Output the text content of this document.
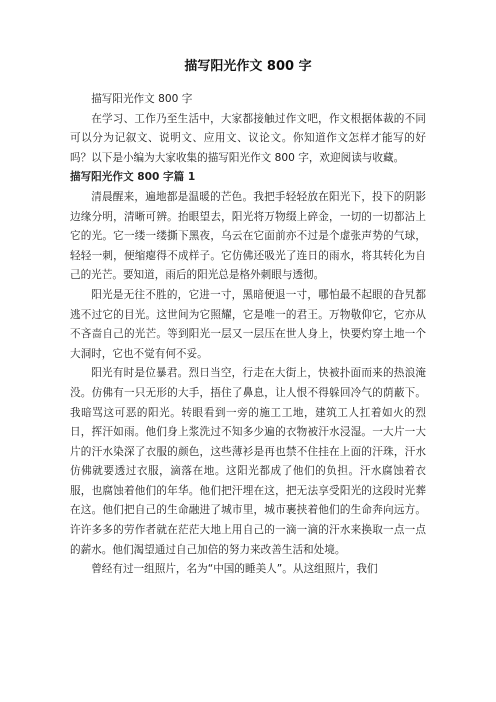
描写阳光作文 800 字

描写阳光作文 800 字

在学习、工作乃至生活中，大家都接触过作文吧，作文根据体裁的不同可以分为记叙文、说明文、应用文、议论文。你知道作文怎样才能写的好吗？以下是小编为大家收集的描写阳光作文 800 字，欢迎阅读与收藏。

描写阳光作文 800 字篇 1

清晨醒来，遍地都是温暖的芒色。我把手轻轻放在阳光下，投下的阴影边缘分明，清晰可辨。抬眼望去，阳光将万物缀上碎金，一切的一切都沾上它的光。它一缕一缕撕下黑夜，乌云在它面前亦不过是个虚张声势的气球，轻轻一刺，便缩瘪得不成样子。它仿佛还吸光了连日的雨水，将其转化为自己的光芒。要知道，雨后的阳光总是格外刺眼与透彻。

阳光是无往不胜的，它进一寸，黑暗便退一寸，哪怕最不起眼的旮旯都逃不过它的目光。这世间为它照耀，它是唯一的君王。万物敬仰它，它亦从不吝啬自己的光芒。等到阳光一层又一层压在世人身上，快要灼穿土地一个大洞时，它也不觉有何不妥。

阳光有时是位暴君。烈日当空，行走在大街上，快被扑面而来的热浪淹没。仿佛有一只无形的大手，捂住了鼻息，让人恨不得躲回冷气的荫蔽下。我暗骂这可恶的阳光。转眼看到一旁的施工工地，建筑工人扛着如火的烈日，挥汗如雨。他们身上浆洗过不知多少遍的衣物被汗水浸湿。一大片一大片的汗水染深了衣服的颜色，这些薄衫是再也禁不住挂在上面的汗珠，汗水仿佛就要透过衣服，滴落在地。这阳光都成了他们的负担。汗水腐蚀着衣服，也腐蚀着他们的年华。他们把汗埋在这，把无法享受阳光的这段时光葬在这。他们把自己的生命融进了城市里，城市裹挟着他们的生命奔向远方。许许多多的劳作者就在茫茫大地上用自己的一滴一滴的汗水来换取一点一点的薪水。他们渴望通过自己加倍的努力来改善生活和处境。

曾经有过一组照片，名为“中国的睡美人”。从这组照片，我们
